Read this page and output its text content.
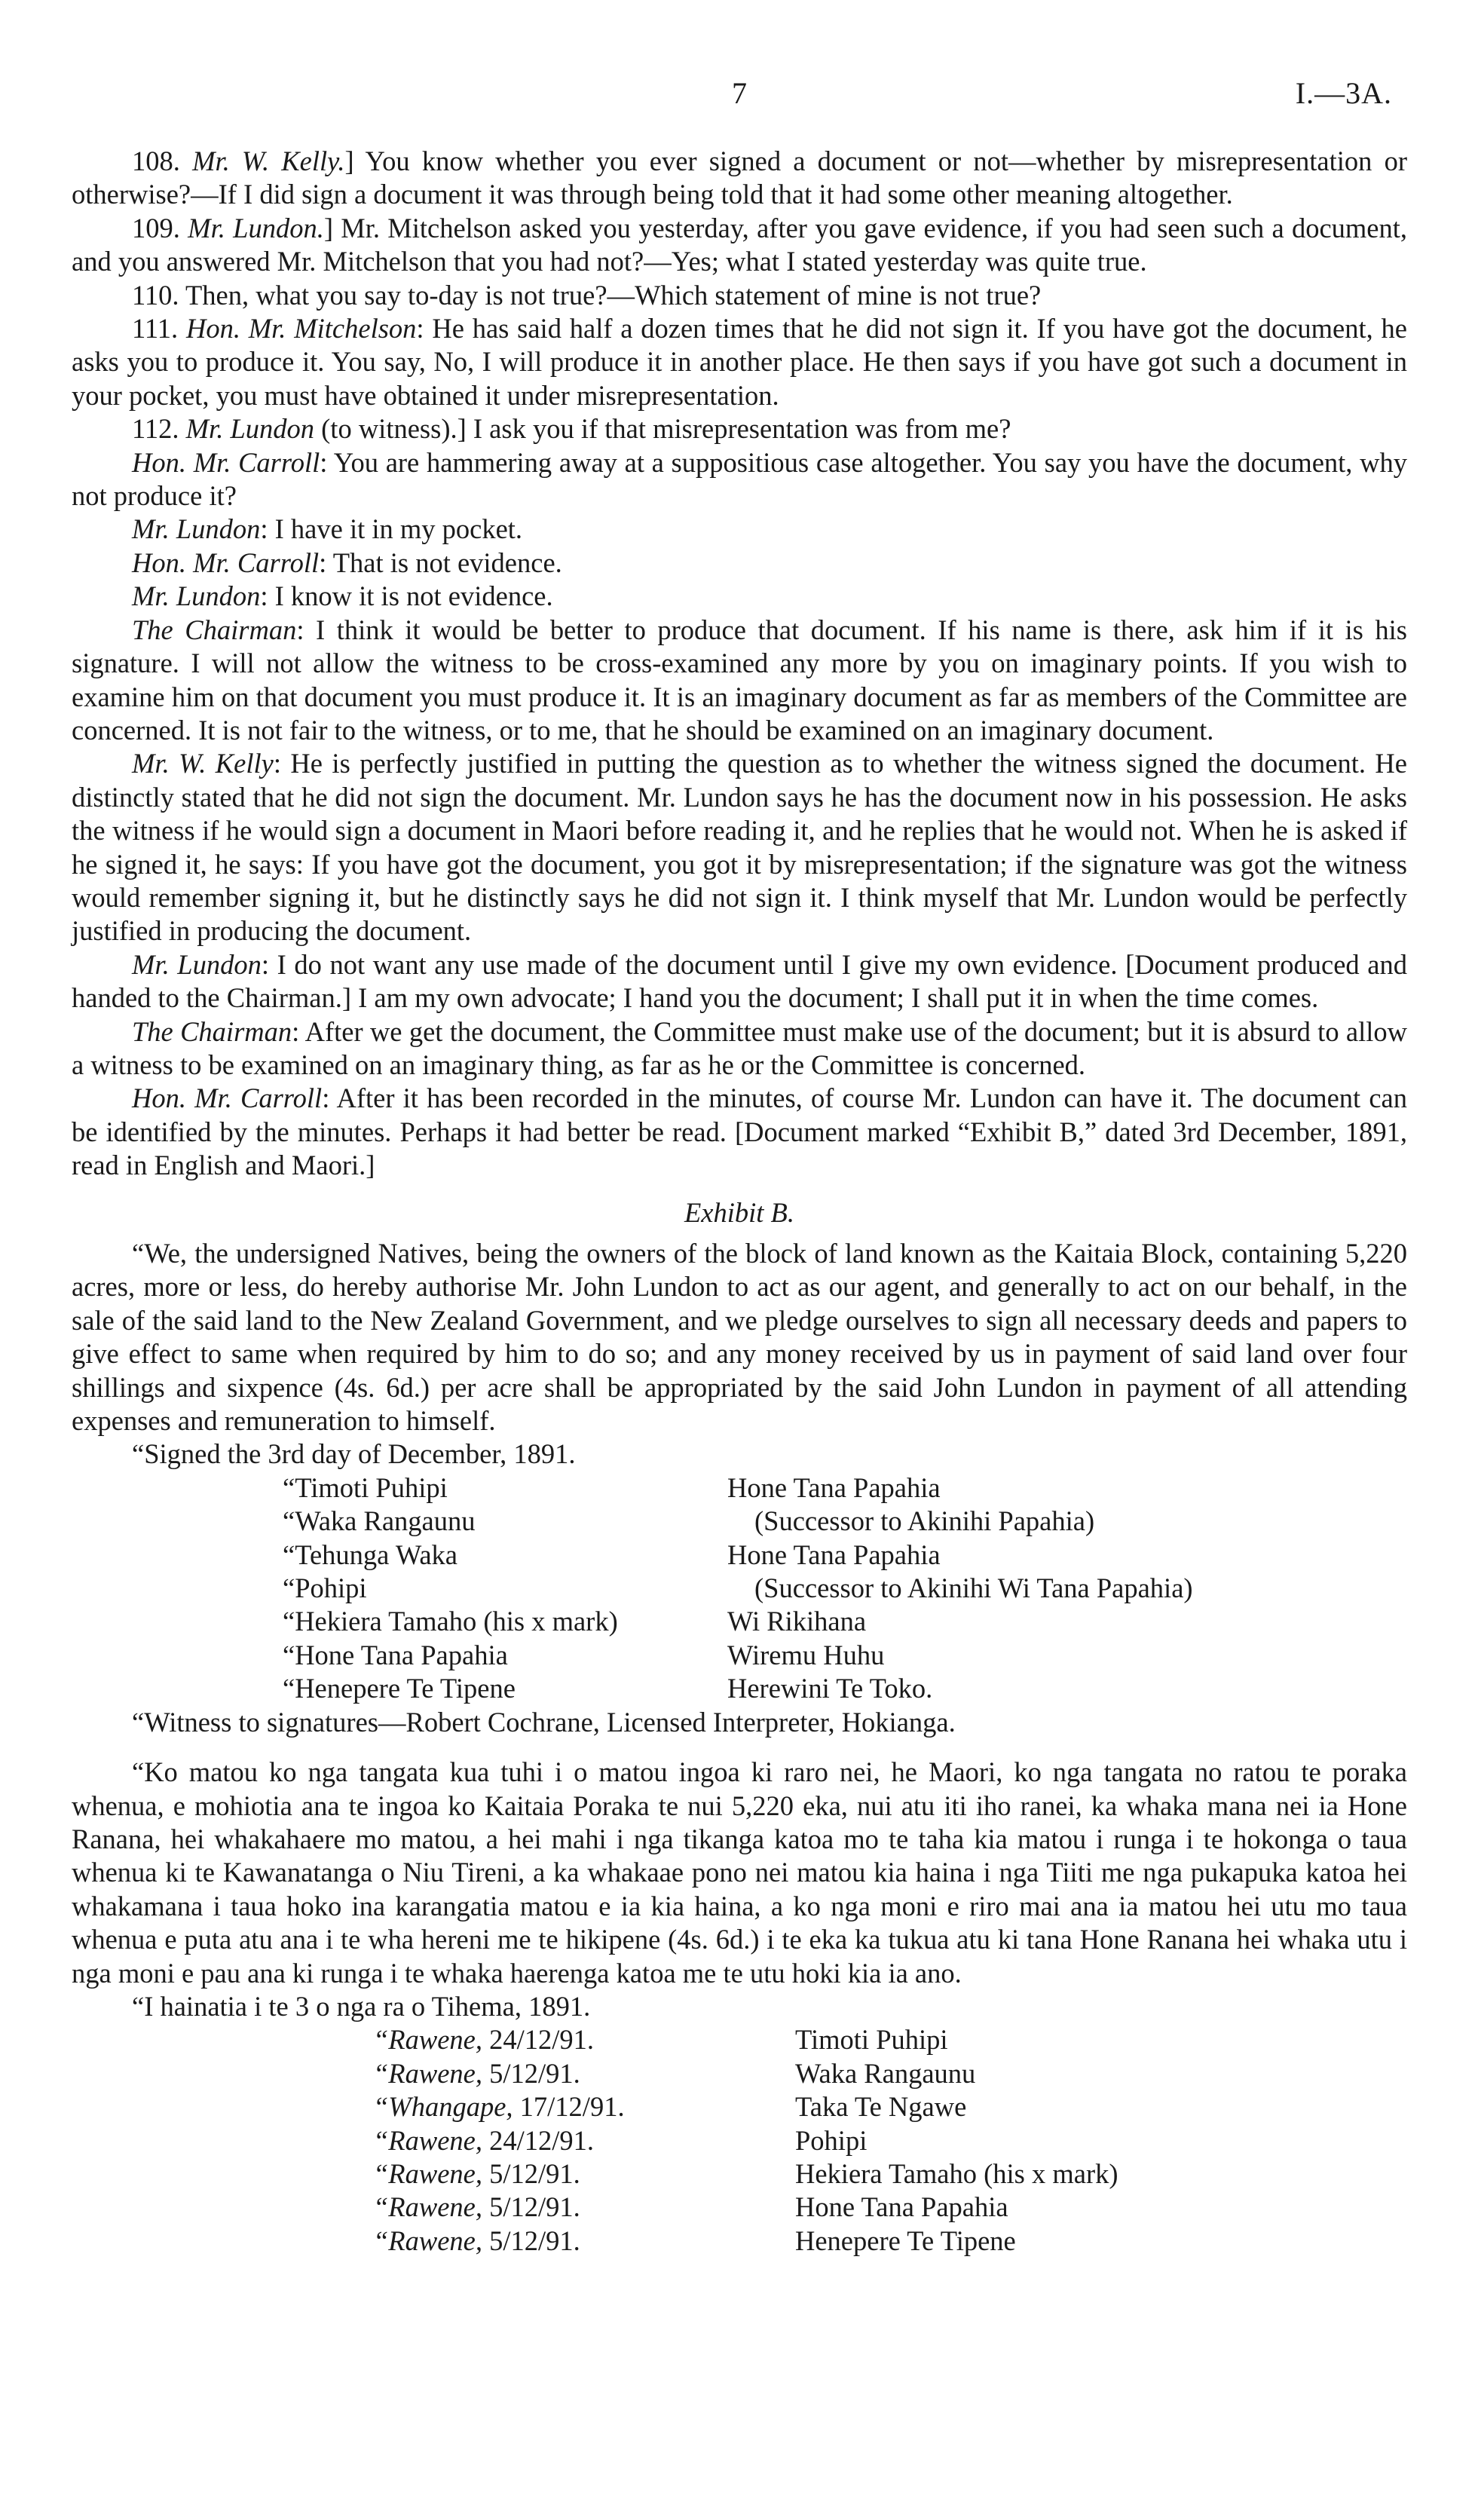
7	I.—3A.

108. Mr. W. Kelly.] You know whether you ever signed a document or not—whether by misrepresentation or otherwise?—If I did sign a document it was through being told that it had some other meaning altogether.

109. Mr. Lundon.] Mr. Mitchelson asked you yesterday, after you gave evidence, if you had seen such a document, and you answered Mr. Mitchelson that you had not?—Yes; what I stated yesterday was quite true.

110. Then, what you say to-day is not true?—Which statement of mine is not true?

111. Hon. Mr. Mitchelson: He has said half a dozen times that he did not sign it. If you have got the document, he asks you to produce it. You say, No, I will produce it in another place. He then says if you have got such a document in your pocket, you must have obtained it under misrepresentation.

112. Mr. Lundon (to witness).] I ask you if that misrepresentation was from me?

Hon. Mr. Carroll: You are hammering away at a suppositious case altogether. You say you have the document, why not produce it?

Mr. Lundon: I have it in my pocket.

Hon. Mr. Carroll: That is not evidence.

Mr. Lundon: I know it is not evidence.

The Chairman: I think it would be better to produce that document. If his name is there, ask him if it is his signature. I will not allow the witness to be cross-examined any more by you on imaginary points. If you wish to examine him on that document you must produce it. It is an imaginary document as far as members of the Committee are concerned. It is not fair to the witness, or to me, that he should be examined on an imaginary document.

Mr. W. Kelly: He is perfectly justified in putting the question as to whether the witness signed the document. He distinctly stated that he did not sign the document. Mr. Lundon says he has the document now in his possession. He asks the witness if he would sign a document in Maori before reading it, and he replies that he would not. When he is asked if he signed it, he says: If you have got the document, you got it by misrepresentation; if the signature was got the witness would remember signing it, but he distinctly says he did not sign it. I think myself that Mr. Lundon would be perfectly justified in producing the document.

Mr. Lundon: I do not want any use made of the document until I give my own evidence. [Document produced and handed to the Chairman.] I am my own advocate; I hand you the document; I shall put it in when the time comes.

The Chairman: After we get the document, the Committee must make use of the document; but it is absurd to allow a witness to be examined on an imaginary thing, as far as he or the Committee is concerned.

Hon. Mr. Carroll: After it has been recorded in the minutes, of course Mr. Lundon can have it. The document can be identified by the minutes. Perhaps it had better be read. [Document marked “Exhibit B,” dated 3rd December, 1891, read in English and Maori.]

Exhibit B.

“We, the undersigned Natives, being the owners of the block of land known as the Kaitaia Block, containing 5,220 acres, more or less, do hereby authorise Mr. John Lundon to act as our agent, and generally to act on our behalf, in the sale of the said land to the New Zealand Government, and we pledge ourselves to sign all necessary deeds and papers to give effect to same when required by him to do so; and any money received by us in payment of said land over four shillings and sixpence (4s. 6d.) per acre shall be appropriated by the said John Lundon in payment of all attending expenses and remuneration to himself.

“Signed the 3rd day of December, 1891.

“Timoti Puhipi	Hone Tana Papahia
“Waka Rangaunu	(Successor to Akinihi Papahia)
“Tehunga Waka	Hone Tana Papahia
“Pohipi	(Successor to Akinihi Wi Tana Papahia)
“Hekiera Tamaho (his x mark)	Wi Rikihana
“Hone Tana Papahia	Wiremu Huhu
“Henepere Te Tipene	Herewini Te Toko.

“Witness to signatures—Robert Cochrane, Licensed Interpreter, Hokianga.

“Ko matou ko nga tangata kua tuhi i o matou ingoa ki raro nei, he Maori, ko nga tangata no ratou te poraka whenua, e mohiotia ana te ingoa ko Kaitaia Poraka te nui 5,220 eka, nui atu iti iho ranei, ka whaka mana nei ia Hone Ranana, hei whakahaere mo matou, a hei mahi i nga tikanga katoa mo te taha kia matou i runga i te hokonga o taua whenua ki te Kawanatanga o Niu Tireni, a ka whakaae pono nei matou kia haina i nga Tiiti me nga pukapuka katoa hei whakamana i taua hoko ina karangatia matou e ia kia haina, a ko nga moni e riro mai ana ia matou hei utu mo taua whenua e puta atu ana i te wha hereni me te hikipene (4s. 6d.) i te eka ka tukua atu ki tana Hone Ranana hei whaka utu i nga moni e pau ana ki runga i te whaka haerenga katoa me te utu hoki kia ia ano.

“I hainatia i te 3 o nga ra o Tihema, 1891.

“Rawene, 24/12/91.	Timoti Puhipi
“Rawene, 5/12/91.	Waka Rangaunu
“Whangape, 17/12/91.	Taka Te Ngawe
“Rawene, 24/12/91.	Pohipi
“Rawene, 5/12/91.	Hekiera Tamaho (his x mark)
“Rawene, 5/12/91.	Hone Tana Papahia
“Rawene, 5/12/91.	Henepere Te Tipene
